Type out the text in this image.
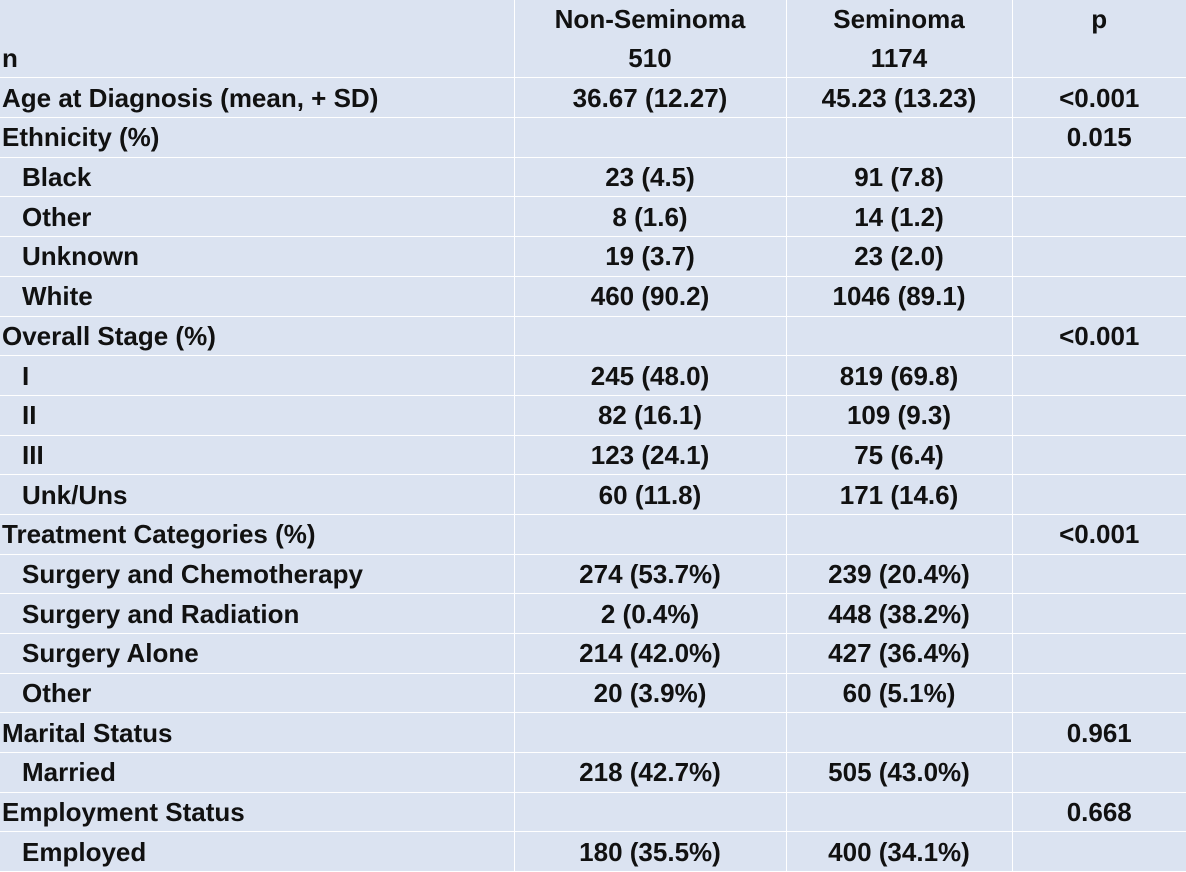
	Non-Seminoma	Seminoma	p
n	510	1174	
Age at Diagnosis (mean, + SD)	36.67 (12.27)	45.23 (13.23)	<0.001
Ethnicity (%)			0.015
Black	23 (4.5)	91 (7.8)	
Other	8 (1.6)	14 (1.2)	
Unknown	19 (3.7)	23 (2.0)	
White	460 (90.2)	1046 (89.1)	
Overall Stage (%)			<0.001
I	245 (48.0)	819 (69.8)	
II	82 (16.1)	109 (9.3)	
III	123 (24.1)	75 (6.4)	
Unk/Uns	60 (11.8)	171 (14.6)	
Treatment Categories (%)			<0.001
Surgery and Chemotherapy	274 (53.7%)	239 (20.4%)	
Surgery and Radiation	2 (0.4%)	448 (38.2%)	
Surgery Alone	214 (42.0%)	427 (36.4%)	
Other	20 (3.9%)	60 (5.1%)	
Marital Status			0.961
Married	218 (42.7%)	505 (43.0%)	
Employment Status			0.668
Employed	180 (35.5%)	400 (34.1%)	
